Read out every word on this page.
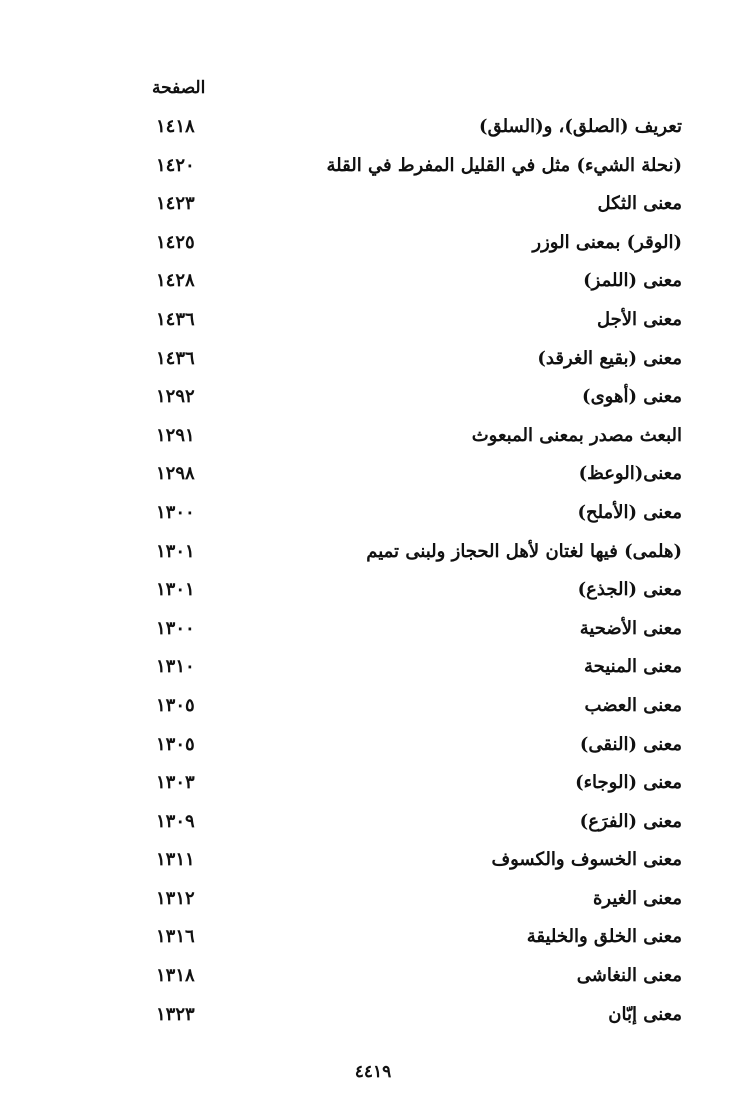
الصفحة
تعريف (الصلق)، و(السلق)
١٤١٨
(نحلة الشيء) مثل في القليل المفرط في القلة
١٤٢٠
معنى الثكل
١٤٢٣
(الوقر) بمعنى الوزر
١٤٢٥
معنى (اللمز)
١٤٢٨
معنى الأجل
١٤٣٦
معنى (بقيع الغرقد)
١٤٣٦
معنى (أهوى)
١٢٩٢
البعث مصدر بمعنى المبعوث
١٢٩١
معنى(الوعظ)
١٢٩٨
معنى (الأملح)
١٣٠٠
(هلمى) فيها لغتان لأهل الحجاز ولبنى تميم
١٣٠١
معنى (الجذع)
١٣٠١
معنى الأضحية
١٣٠٠
معنى المنيحة
١٣١٠
معنى العضب
١٣٠٥
معنى (النقى)
١٣٠٥
معنى (الوجاء)
١٣٠٣
معنى (الفرَع)
١٣٠٩
معنى الخسوف والكسوف
١٣١١
معنى الغيرة
١٣١٢
معنى الخلق والخليقة
١٣١٦
معنى النغاشى
١٣١٨
معنى إبّان
١٣٢٣
٤٤١٩
